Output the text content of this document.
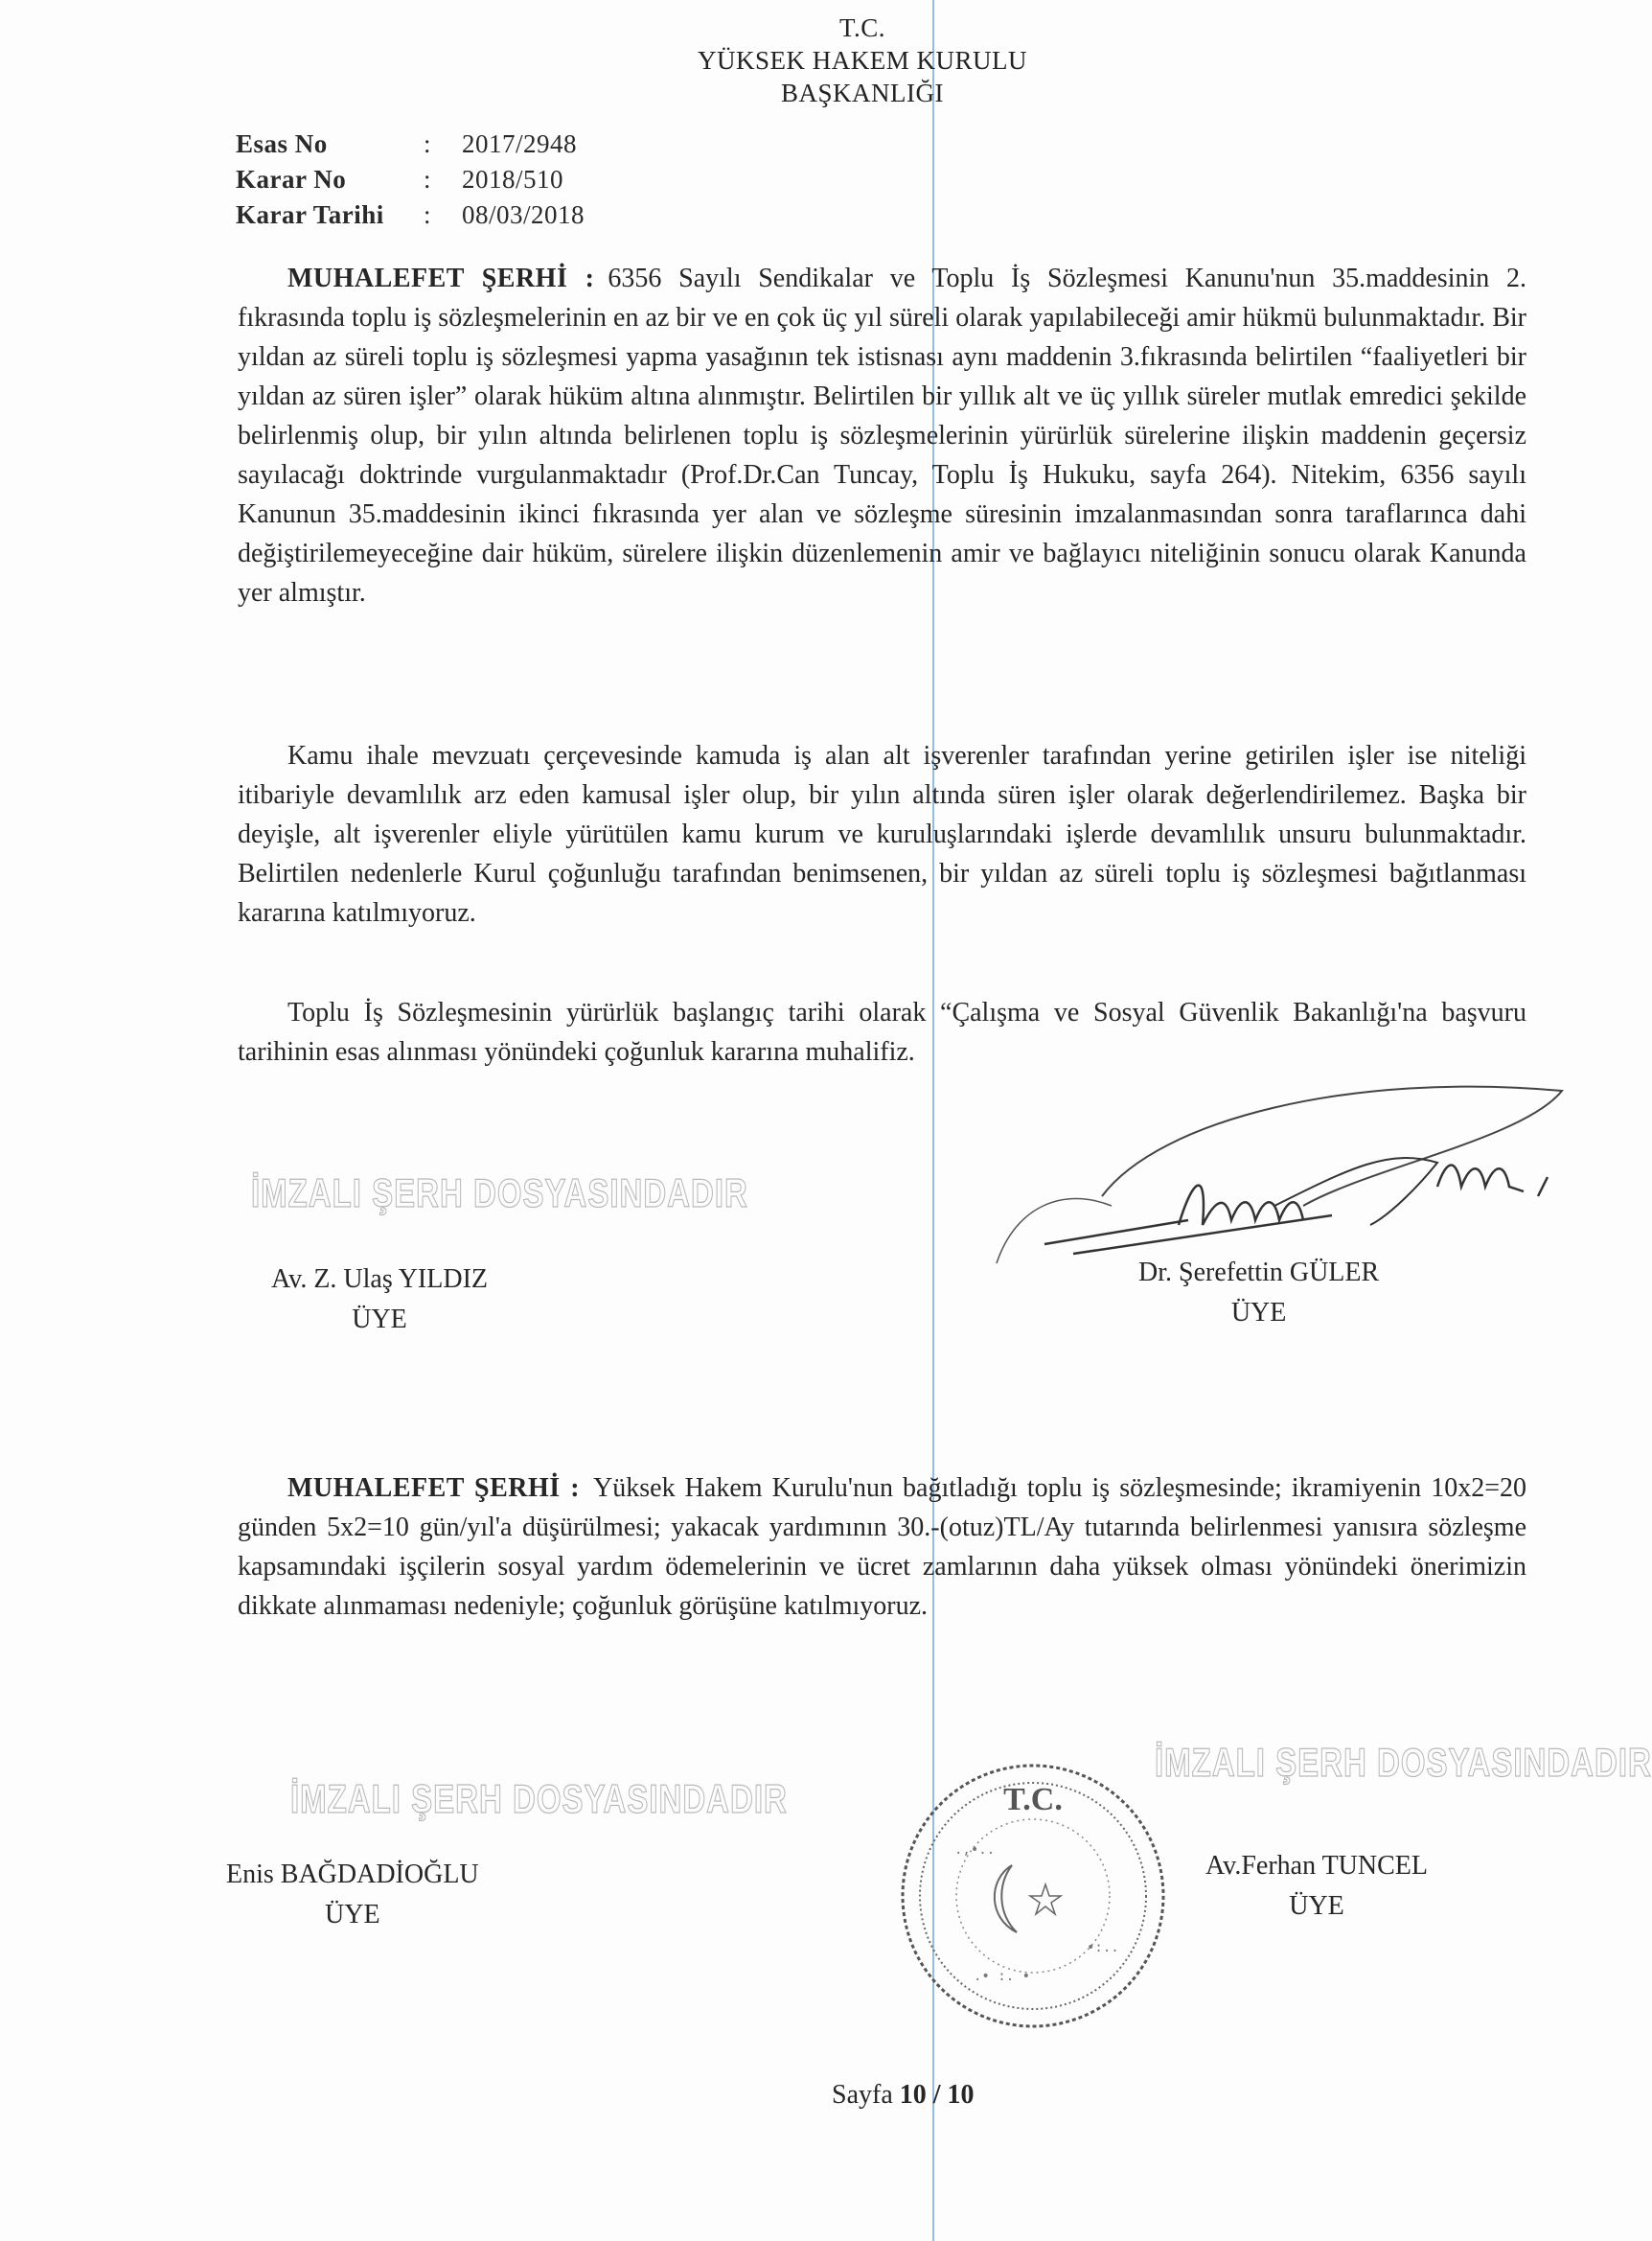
T.C.
YÜKSEK HAKEM KURULU
BAŞKANLIĞI
Esas No	:	2017/2948
Karar No	:	2018/510
Karar Tarihi	:	08/03/2018
MUHALEFET ŞERHİ : 6356 Sayılı Sendikalar ve Toplu İş Sözleşmesi Kanunu'nun 35.maddesinin 2. fıkrasında toplu iş sözleşmelerinin en az bir ve en çok üç yıl süreli olarak yapılabileceği amir hükmü bulunmaktadır. Bir yıldan az süreli toplu iş sözleşmesi yapma yasağının tek istisnası aynı maddenin 3.fıkrasında belirtilen “faaliyetleri bir yıldan az süren işler” olarak hüküm altına alınmıştır. Belirtilen bir yıllık alt ve üç yıllık süreler mutlak emredici şekilde belirlenmiş olup, bir yılın altında belirlenen toplu iş sözleşmelerinin yürürlük sürelerine ilişkin maddenin geçersiz sayılacağı doktrinde vurgulanmaktadır (Prof.Dr.Can Tuncay, Toplu İş Hukuku, sayfa 264). Nitekim, 6356 sayılı Kanunun 35.maddesinin ikinci fıkrasında yer alan ve sözleşme süresinin imzalanmasından sonra taraflarınca dahi değiştirilemeyeceğine dair hüküm, sürelere ilişkin düzenlemenin amir ve bağlayıcı niteliğinin sonucu olarak Kanunda yer almıştır.
Kamu ihale mevzuatı çerçevesinde kamuda iş alan alt işverenler tarafından yerine getirilen işler ise niteliği itibariyle devamlılık arz eden kamusal işler olup, bir yılın altında süren işler olarak değerlendirilemez. Başka bir deyişle, alt işverenler eliyle yürütülen kamu kurum ve kuruluşlarındaki işlerde devamlılık unsuru bulunmaktadır. Belirtilen nedenlerle Kurul çoğunluğu tarafından benimsenen, bir yıldan az süreli toplu iş sözleşmesi bağıtlanması kararına katılmıyoruz.
Toplu İş Sözleşmesinin yürürlük başlangıç tarihi olarak “Çalışma ve Sosyal Güvenlik Bakanlığı'na başvuru tarihinin esas alınması yönündeki çoğunluk kararına muhalifiz.
İMZALI ŞERH DOSYASINDADIR
Av. Z. Ulaş YILDIZ
ÜYE
Dr. Şerefettin GÜLER
ÜYE
MUHALEFET ŞERHİ : Yüksek Hakem Kurulu'nun bağıtladığı toplu iş sözleşmesinde; ikramiyenin 10x2=20 günden 5x2=10 gün/yıl'a düşürülmesi; yakacak yardımının 30.-(otuz)TL/Ay tutarında belirlenmesi yanısıra sözleşme kapsamındaki işçilerin sosyal yardım ödemelerinin ve ücret zamlarının daha yüksek olması yönündeki önerimizin dikkate alınmaması nedeniyle; çoğunluk görüşüne katılmıyoruz.
İMZALI ŞERH DOSYASINDADIR
İMZALI ŞERH DOSYASINDADIR
T.C.
.,•..
•:..
.• :. •
Enis BAĞDADİOĞLU
ÜYE
Av.Ferhan TUNCEL
ÜYE
Sayfa 10 / 10
